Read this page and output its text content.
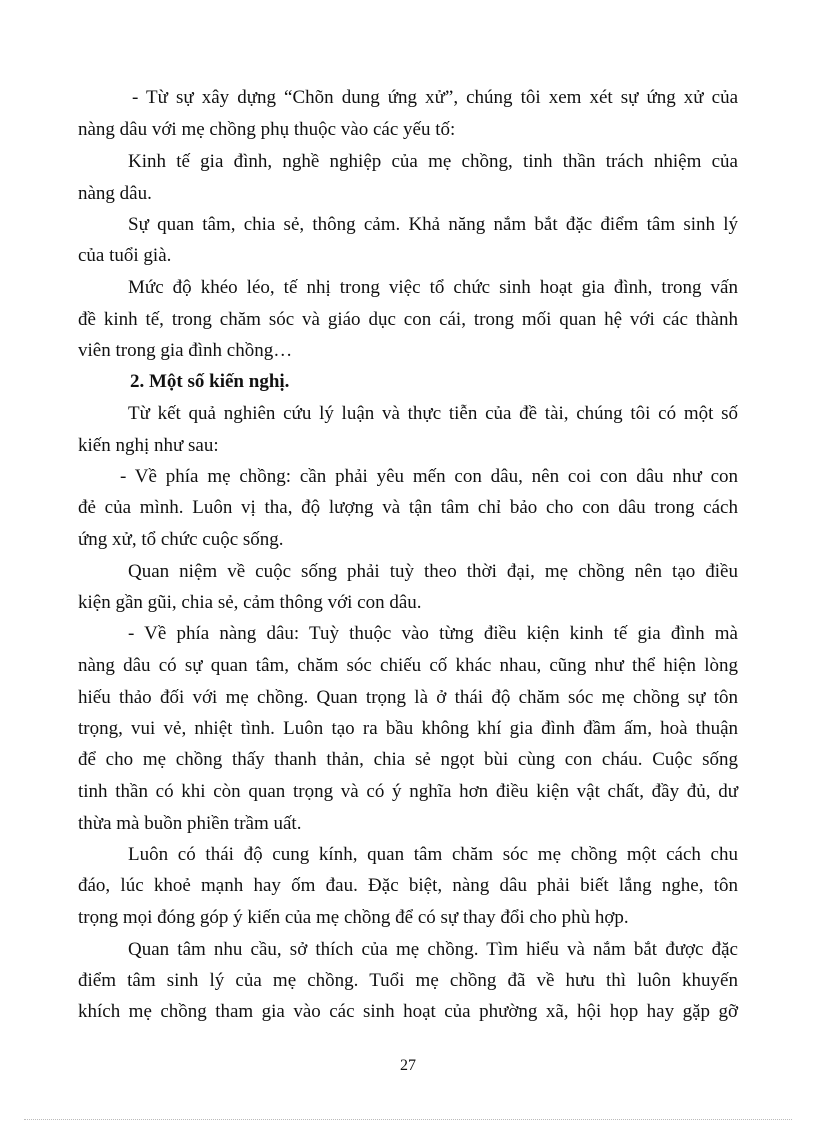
- Từ sự xây dựng “Chõn dung ứng xử”, chúng tôi xem xét sự ứng xử của
nàng dâu với mẹ chồng phụ thuộc vào các yếu tố:
Kinh tế gia đình, nghề nghiệp của mẹ chồng, tinh thần trách nhiệm của
nàng dâu.
Sự quan tâm, chia sẻ, thông cảm. Khả năng nắm bắt đặc điểm tâm sinh lý
của tuổi già.
Mức độ khéo léo, tế nhị trong việc tổ chức sinh hoạt gia đình, trong vấn
đề kinh tế, trong chăm sóc và giáo dục con cái, trong mối quan hệ với các thành
viên trong gia đình chồng…
2. Một số kiến nghị.
Từ kết quả nghiên cứu lý luận và thực tiễn của đề tài, chúng tôi có một số
kiến nghị như sau:
- Về phía mẹ chồng: cần phải yêu mến con dâu, nên coi con dâu như con
đẻ của mình. Luôn vị tha, độ lượng và tận tâm chỉ bảo cho con dâu trong cách
ứng xử, tổ chức cuộc sống.
Quan niệm về cuộc sống phải tuỳ theo thời đại, mẹ chồng nên tạo điều
kiện gần gũi, chia sẻ, cảm thông với con dâu.
- Về phía nàng dâu: Tuỳ thuộc vào từng điều kiện kinh tế gia đình mà
nàng dâu có sự quan tâm, chăm sóc chiếu cố khác nhau, cũng như thể hiện lòng
hiếu thảo đối với mẹ chồng. Quan trọng là ở thái độ chăm sóc mẹ chồng sự tôn
trọng, vui vẻ, nhiệt tình. Luôn tạo ra bầu không khí gia đình đầm ấm, hoà thuận
để cho mẹ chồng thấy thanh thản, chia sẻ ngọt bùi cùng con cháu. Cuộc sống
tinh thần có khi còn quan trọng và có ý nghĩa hơn điều kiện vật chất, đầy đủ, dư
thừa mà buồn phiền trầm uất.
Luôn có thái độ cung kính, quan tâm chăm sóc mẹ chồng một cách chu
đáo, lúc khoẻ mạnh hay ốm đau. Đặc biệt, nàng dâu phải biết lắng nghe, tôn
trọng mọi đóng góp ý kiến của mẹ chồng để có sự thay đổi cho phù hợp.
Quan tâm nhu cầu, sở thích của mẹ chồng. Tìm hiểu và nắm bắt được đặc
điểm tâm sinh lý của mẹ chồng. Tuổi mẹ chồng đã về hưu thì luôn khuyến
khích mẹ chồng tham gia vào các sinh hoạt của phường xã, hội họp hay gặp gỡ
27
